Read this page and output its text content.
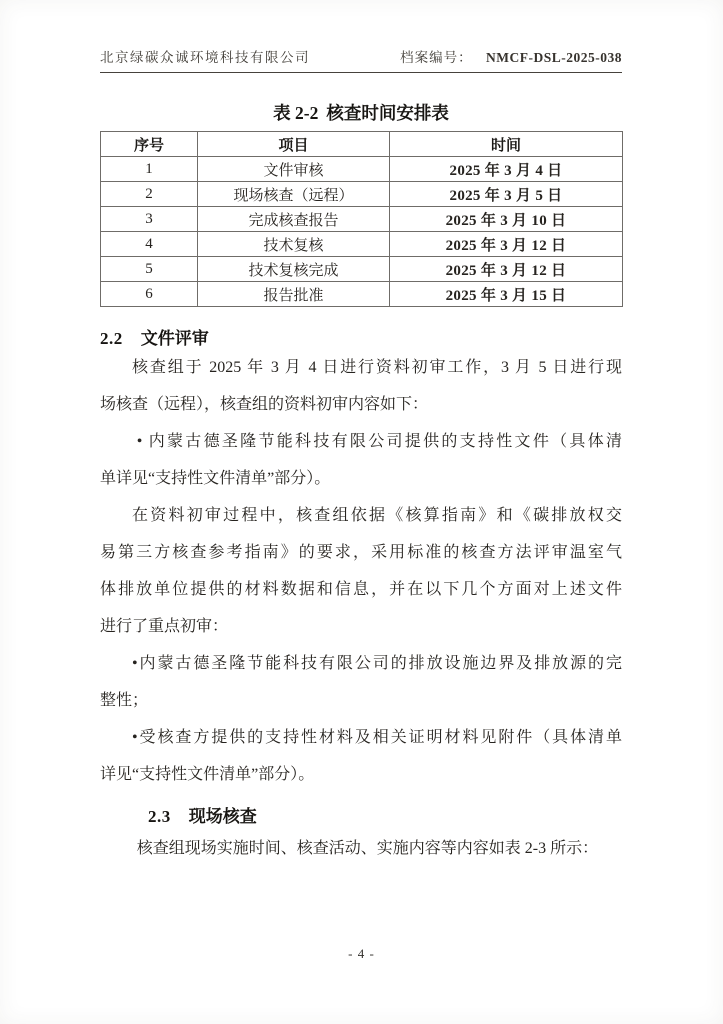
北京绿碳众诚环境科技有限公司	档案编号： NMCF-DSL-2025-038
表 2-2 核查时间安排表
序号	项目	时间
1	文件审核	2025 年 3 月 4 日
2	现场核查（远程）	2025 年 3 月 5 日
3	完成核查报告	2025 年 3 月 10 日
4	技术复核	2025 年 3 月 12 日
5	技术复核完成	2025 年 3 月 12 日
6	报告批准	2025 年 3 月 15 日
2.2 文件评审
核查组于 2025 年 3 月 4 日进行资料初审工作，3 月 5 日进行现
场核查（远程），核查组的资料初审内容如下：
• 内蒙古德圣隆节能科技有限公司提供的支持性文件（具体清
单详见“支持性文件清单”部分）。
在资料初审过程中，核查组依据《核算指南》和《碳排放权交
易第三方核查参考指南》的要求，采用标准的核查方法评审温室气
体排放单位提供的材料数据和信息，并在以下几个方面对上述文件
进行了重点初审：
•内蒙古德圣隆节能科技有限公司的排放设施边界及排放源的完
整性；
•受核查方提供的支持性材料及相关证明材料见附件（具体清单
详见“支持性文件清单”部分）。
2.3 现场核查
核查组现场实施时间、核查活动、实施内容等内容如表 2-3 所示：
- 4 -
